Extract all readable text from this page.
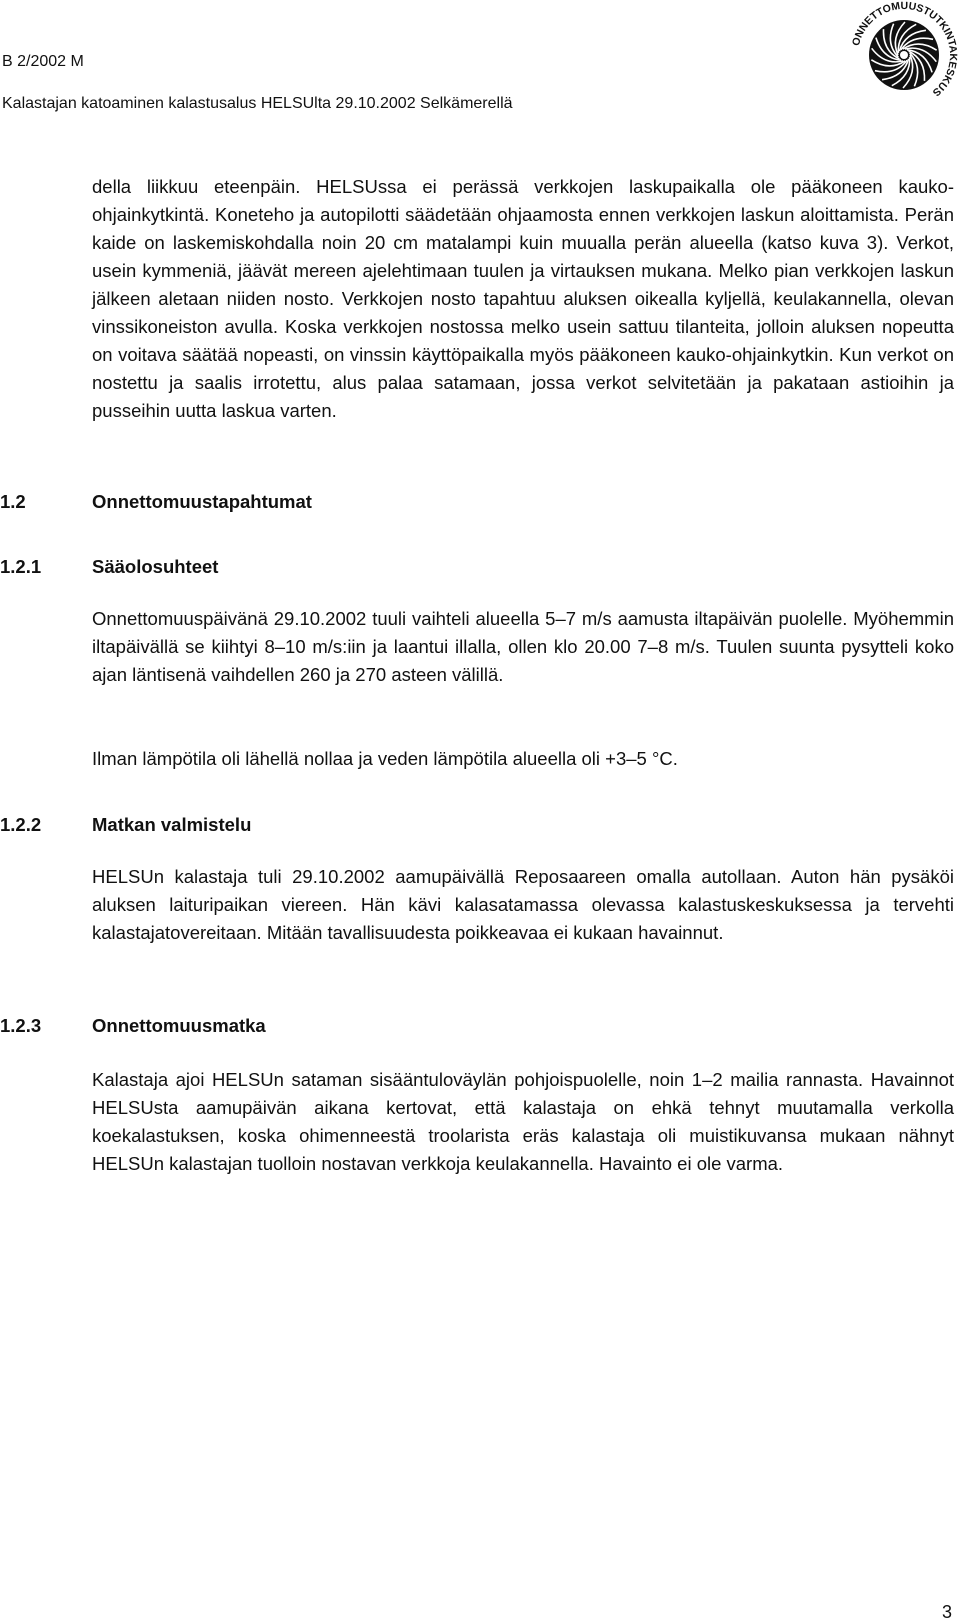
B 2/2002 M
Kalastajan katoaminen kalastusalus HELSUlta 29.10.2002 Selkämerellä
ONNETTOMUUSTUTKINTAKESKUS

della liikkuu eteenpäin. HELSUssa ei perässä verkkojen laskupaikalla ole pääkoneen kauko-ohjainkytkintä. Koneteho ja autopilotti säädetään ohjaamosta ennen verkkojen laskun aloittamista. Perän kaide on laskemiskohdalla noin 20 cm matalampi kuin muualla perän alueella (katso kuva 3). Verkot, usein kymmeniä, jäävät mereen ajelehtimaan tuulen ja virtauksen mukana. Melko pian verkkojen laskun jälkeen aletaan niiden nosto. Verkkojen nosto tapahtuu aluksen oikealla kyljellä, keulakannella, olevan vinssikoneiston avulla. Koska verkkojen nostossa melko usein sattuu tilanteita, jolloin aluksen nopeutta on voitava säätää nopeasti, on vinssin käyttöpaikalla myös pääkoneen kauko-ohjainkytkin. Kun verkot on nostettu ja saalis irrotettu, alus palaa satamaan, jossa verkot selvitetään ja pakataan astioihin ja pusseihin uutta laskua varten.

1.2	Onnettomuustapahtumat
1.2.1	Sääolosuhteet

Onnettomuuspäivänä 29.10.2002 tuuli vaihteli alueella 5–7 m/s aamusta iltapäivän puolelle. Myöhemmin iltapäivällä se kiihtyi 8–10 m/s:iin ja laantui illalla, ollen klo 20.00 7–8 m/s. Tuulen suunta pysytteli koko ajan läntisenä vaihdellen 260 ja 270 asteen välillä.

Ilman lämpötila oli lähellä nollaa ja veden lämpötila alueella oli +3–5 °C.

1.2.2	Matkan valmistelu

HELSUn kalastaja tuli 29.10.2002 aamupäivällä Reposaareen omalla autollaan. Auton hän pysäköi aluksen laituripaikan viereen. Hän kävi kalasatamassa olevassa kalastuskeskuksessa ja tervehti kalastajatovereitaan. Mitään tavallisuudesta poikkeavaa ei kukaan havainnut.

1.2.3	Onnettomuusmatka

Kalastaja ajoi HELSUn sataman sisääntuloväylän pohjoispuolelle, noin 1–2 mailia rannasta. Havainnot HELSUsta aamupäivän aikana kertovat, että kalastaja on ehkä tehnyt muutamalla verkolla koekalastuksen, koska ohimenneestä troolarista eräs kalastaja oli muistikuvansa mukaan nähnyt HELSUn kalastajan tuolloin nostavan verkkoja keulakannella. Havainto ei ole varma.

3
